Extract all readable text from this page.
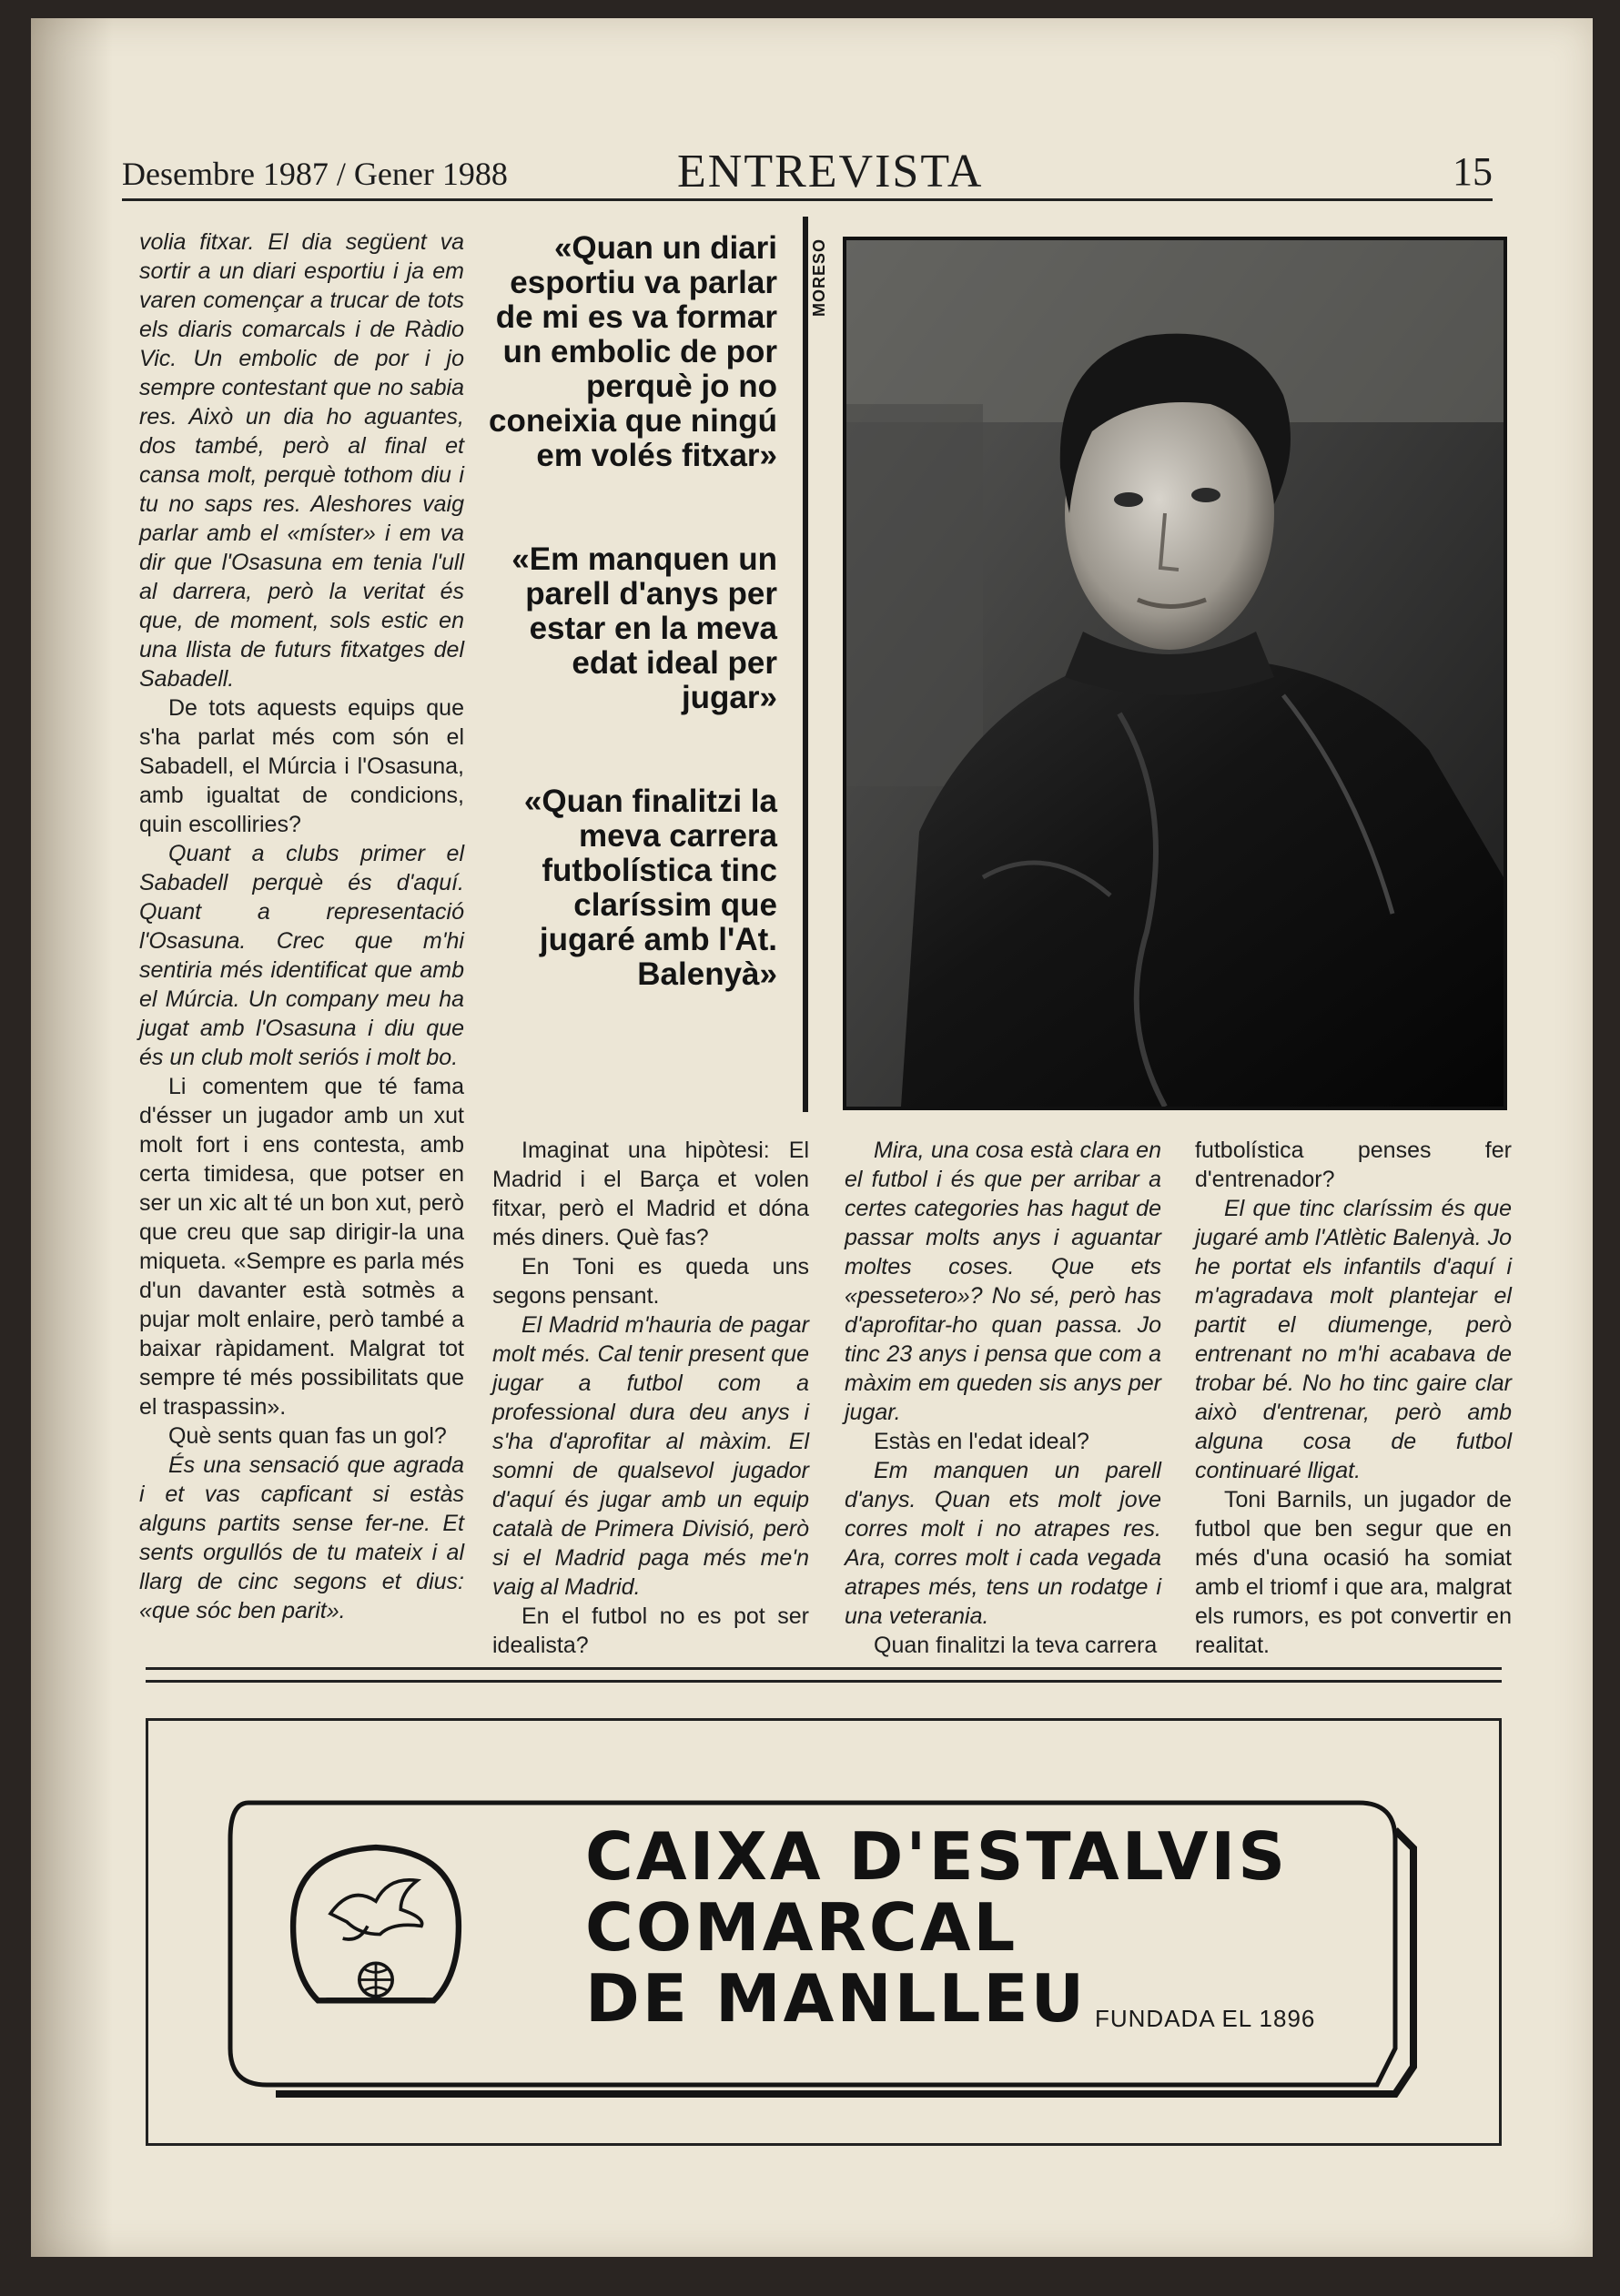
Desembre 1987 / Gener 1988	ENTREVISTA	15

volia fitxar. El dia següent va sortir a un diari esportiu i ja em varen començar a trucar de tots els diaris comarcals i de Ràdio Vic. Un embolic de por i jo sempre contestant que no sabia res. Això un dia ho aguantes, dos també, però al final et cansa molt, perquè tothom diu i tu no saps res. Aleshores vaig parlar amb el «míster» i em va dir que l'Osasuna em tenia l'ull al darrera, però la veritat és que, de moment, sols estic en una llista de futurs fitxatges del Sabadell.

De tots aquests equips que s'ha parlat més com són el Sabadell, el Múrcia i l'Osasuna, amb igualtat de condicions, quin escolliries?

Quant a clubs primer el Sabadell perquè és d'aquí. Quant a representació l'Osasuna. Crec que m'hi sentiria més identificat que amb el Múrcia. Un company meu ha jugat amb l'Osasuna i diu que és un club molt seriós i molt bo.

Li comentem que té fama d'ésser un jugador amb un xut molt fort i ens contesta, amb certa timidesa, que potser en ser un xic alt té un bon xut, però que creu que sap dirigir-la una miqueta. «Sempre es parla més d'un davanter està sotmès a pujar molt enlaire, però també a baixar ràpidament. Malgrat tot sempre té més possibilitats que el traspassin».

Què sents quan fas un gol?

És una sensació que agrada i et vas capficant si estàs alguns partits sense fer-ne. Et sents orgullós de tu mateix i al llarg de cinc segons et dius: «que sóc ben parit».

«Quan un diari esportiu va parlar de mi es va formar un embolic de por perquè jo no coneixia que ningú em volés fitxar»

«Em manquen un parell d'anys per estar en la meva edat ideal per jugar»

«Quan finalitzi la meva carrera futbolística tinc claríssim que jugaré amb l'At. Balenyà»

MORESO

Imaginat una hipòtesi: El Madrid i el Barça et volen fitxar, però el Madrid et dóna més diners. Què fas?

En Toni es queda uns segons pensant.

El Madrid m'hauria de pagar molt més. Cal tenir present que jugar a futbol com a professional dura deu anys i s'ha d'aprofitar al màxim. El somni de qualsevol jugador d'aquí és jugar amb un equip català de Primera Divisió, però si el Madrid paga més me'n vaig al Madrid.

En el futbol no es pot ser idealista?

Mira, una cosa està clara en el futbol i és que per arribar a certes categories has hagut de passar molts anys i aguantar moltes coses. Que ets «pessetero»? No sé, però has d'aprofitar-ho quan passa. Jo tinc 23 anys i pensa que com a màxim em queden sis anys per jugar.

Estàs en l'edat ideal?

Em manquen un parell d'anys. Quan ets molt jove corres molt i no atrapes res. Ara, corres molt i cada vegada atrapes més, tens un rodatge i una veterania.

Quan finalitzi la teva carrera

futbolística penses fer d'entrenador?

El que tinc claríssim és que jugaré amb l'Atlètic Balenyà. Jo he portat els infantils d'aquí i m'agradava molt plantejar el partit el diumenge, però entrenant no m'hi acabava de trobar bé. No ho tinc gaire clar això d'entrenar, però amb alguna cosa de futbol continuaré lligat.

Toni Barnils, un jugador de futbol que ben segur que en més d'una ocasió ha somiat amb el triomf i que ara, malgrat els rumors, es pot convertir en realitat.

CAIXA D'ESTALVIS
COMARCAL
DE MANLLEU FUNDADA EL 1896
